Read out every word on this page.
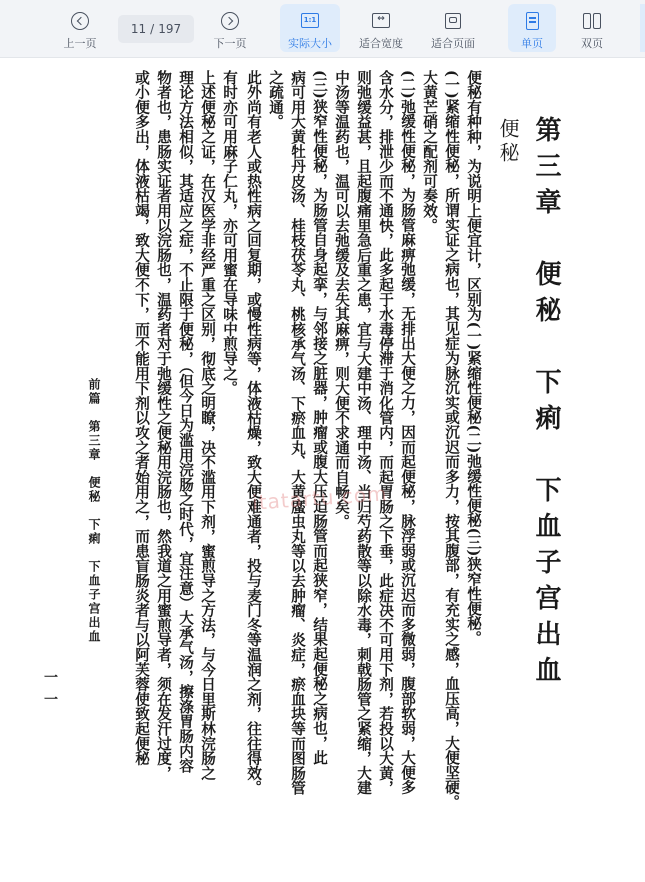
上一页
11 / 197
下一页
1:1
实际大小
↔
适合宽度	适合页面	单页	双页
第三章　便秘　下痢　下血子宫出血
便秘
便秘有种种，为说明上便宜计，区别为(一)紧缩性便秘(二)弛缓性便秘(三)狭窄性便秘。
(一)紧缩性便秘，所谓实证之病也，其见症为脉沉实或沉迟而多力，按其腹部，有充实之感，血压高，大便坚硬。
大黄芒硝之配剂可奏效。
(二)弛缓性便秘，为肠管麻痹弛缓，无排出大便之力，因而起便秘，脉浮弱或沉迟而多微弱，腹部软弱，大便多
含水分，排泄少而不通快，此多起于水毒停滞于消化管内，而起胃肠之下垂，此症决不可用下剂，若投以大黄，
则弛缓益甚，且起腹痛里急后重之患，宜与大建中汤、理中汤、当归芍药散等以除水毒，刺戟肠管之紧缩，大建
中汤等温药也，温可以去弛缓及去失其麻痹，则大便不求通而自畅矣。
(三)狭窄性便秘，为肠管自身起挛，与邻接之脏器，肿瘤或腹大压迫肠管而起狭窄，结果起便秘之病也，此
病可用大黄牡丹皮汤、桂枝茯苓丸、桃核承气汤、下瘀血丸、大黄䗪虫丸等以去肿瘤、炎症，瘀血块等而图肠管
之疏通。
此外尚有老人或热性病之回复期，或慢性病等，体液枯燥，致大便难通者，投与麦门冬等温润之剂，往往得效。
有时亦可用麻子仁丸，亦可用蜜在导味中煎导之。
上述便秘之证，在汉医学非经严重之区别，彻底之明瞭，决不滥用下剂，蜜煎导之方法，与今日里斯林浣肠之
理论方法相似，其适应之症，不止限于便秘，（但今日为滥用浣肠之时代，宜注意）大承气汤，擦涤胃肠内容
物者也，患肠实证者用以浣肠也，温药者对于弛缓性之便秘用浣肠也，然我道之用蜜煎导者，须在发汗过度，
或小便多出，体液枯竭，致大便不下，而不能用下剂以攻之者始用之，而患盲肠炎者与以阿芙蓉使致起便秘
前篇　第三章　便秘　下痢　下血子宫出血
一一
itatartu.com
